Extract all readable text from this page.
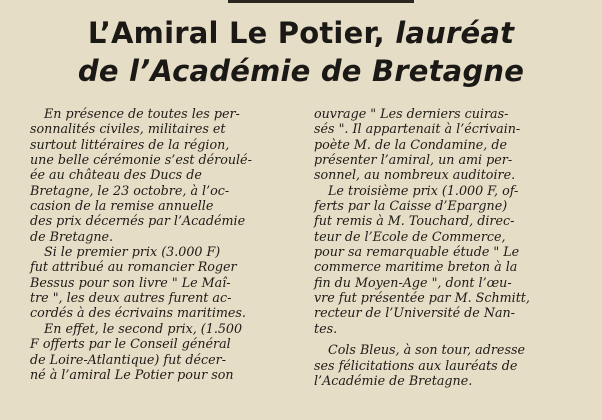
L’Amiral Le Potier, lauréat
de l’Académie de Bretagne
En présence de toutes les per-
sonnalités civiles, militaires et
surtout littéraires de la région,
une belle cérémonie s’est déroulé-
ée au château des Ducs de
Bretagne, le 23 octobre, à l’oc-
casion de la remise annuelle
des prix décernés par l’Académie
de Bretagne.
Si le premier prix (3.000 F)
fut attribué au romancier Roger
Bessus pour son livre " Le Maî-
tre ", les deux autres furent ac-
cordés à des écrivains maritimes.
En effet, le second prix, (1.500
F offerts par le Conseil général
de Loire-Atlantique) fut décer-
né à l’amiral Le Potier pour son
ouvrage " Les derniers cuiras-
sés ". Il appartenait à l’écrivain-
poète M. de la Condamine, de
présenter l’amiral, un ami per-
sonnel, au nombreux auditoire.
Le troisième prix (1.000 F, of-
ferts par la Caisse d’Epargne)
fut remis à M. Touchard, direc-
teur de l’Ecole de Commerce,
pour sa remarquable étude " Le
commerce maritime breton à la
fin du Moyen-Age ", dont l’œu-
vre fut présentée par M. Schmitt,
recteur de l’Université de Nan-
tes.
Cols Bleus, à son tour, adresse
ses félicitations aux lauréats de
l’Académie de Bretagne.
